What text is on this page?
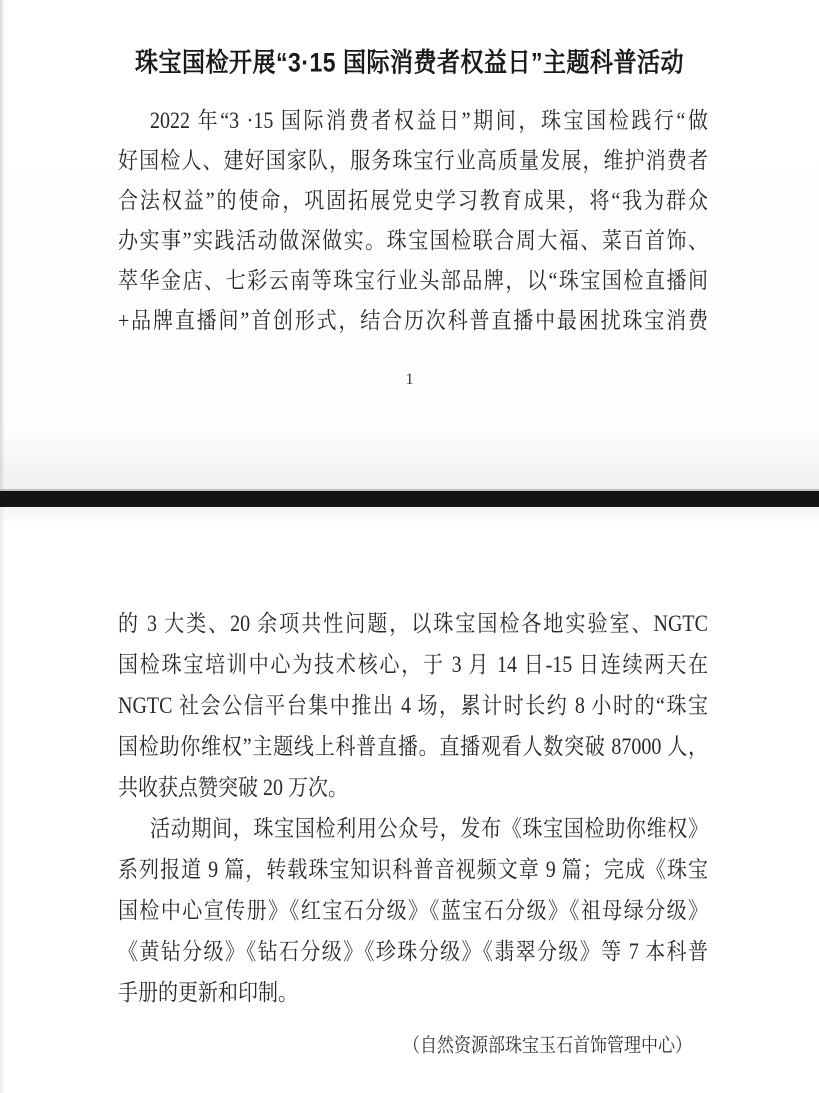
珠宝国检开展“3·15 国际消费者权益日”主题科普活动
2022 年“3 ·15 国际消费者权益日”期间，珠宝国检践行“做
好国检人、建好国家队，服务珠宝行业高质量发展，维护消费者
合法权益”的使命，巩固拓展党史学习教育成果，将“我为群众
办实事”实践活动做深做实。珠宝国检联合周大福、菜百首饰、
萃华金店、七彩云南等珠宝行业头部品牌，以“珠宝国检直播间
+品牌直播间”首创形式，结合历次科普直播中最困扰珠宝消费
1
的 3 大类、20 余项共性问题，以珠宝国检各地实验室、NGTC
国检珠宝培训中心为技术核心，于 3 月 14 日-15 日连续两天在
NGTC 社会公信平台集中推出 4 场，累计时长约 8 小时的“珠宝
国检助你维权”主题线上科普直播。直播观看人数突破 87000 人，
共收获点赞突破 20 万次。
活动期间，珠宝国检利用公众号，发布《珠宝国检助你维权》
系列报道 9 篇，转载珠宝知识科普音视频文章 9 篇；完成《珠宝
国检中心宣传册》《红宝石分级》《蓝宝石分级》《祖母绿分级》
《黄钻分级》《钻石分级》《珍珠分级》《翡翠分级》等 7 本科普
手册的更新和印制。
（自然资源部珠宝玉石首饰管理中心）
